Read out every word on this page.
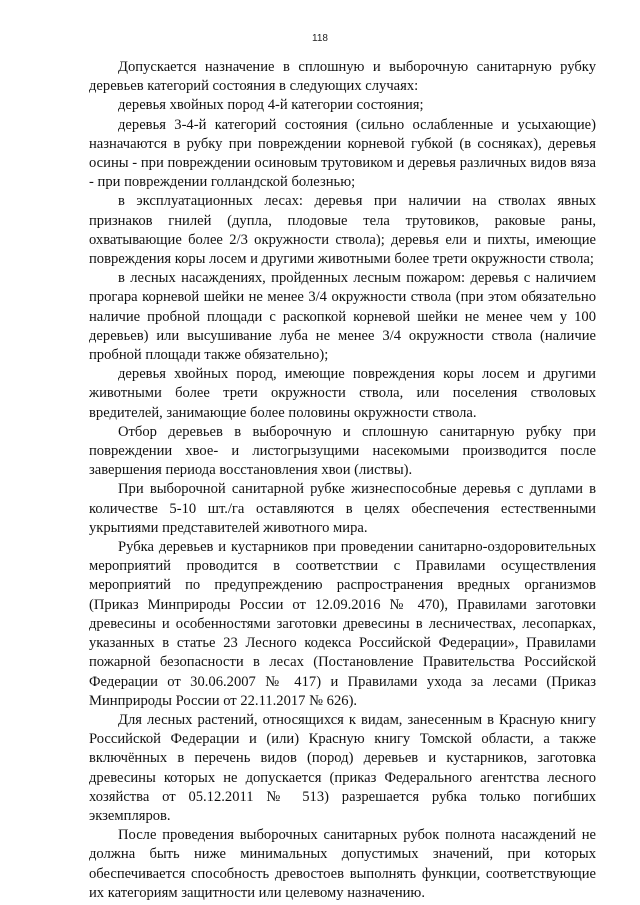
118

Допускается назначение в сплошную и выборочную санитарную рубку деревьев категорий состояния в следующих случаях:

деревья хвойных пород 4-й категории состояния;

деревья 3-4-й категорий состояния (сильно ослабленные и усыхающие) назначаются в рубку при повреждении корневой губкой (в сосняках), деревья осины - при повреждении осиновым трутовиком и деревья различных видов вяза - при повреждении голландской болезнью;

в эксплуатационных лесах: деревья при наличии на стволах явных признаков гнилей (дупла, плодовые тела трутовиков, раковые раны, охватывающие более 2/3 окружности ствола); деревья ели и пихты, имеющие повреждения коры лосем и другими животными более трети окружности ствола;

в лесных насаждениях, пройденных лесным пожаром: деревья с наличием прогара корневой шейки не менее 3/4 окружности ствола (при этом обязательно наличие пробной площади с раскопкой корневой шейки не менее чем у 100 деревьев) или высушивание луба не менее 3/4 окружности ствола (наличие пробной площади также обязательно);

деревья хвойных пород, имеющие повреждения коры лосем и другими животными более трети окружности ствола, или поселения стволовых вредителей, занимающие более половины окружности ствола.

Отбор деревьев в выборочную и сплошную санитарную рубку при повреждении хвое- и листогрызущими насекомыми производится после завершения периода восстановления хвои (листвы).

При выборочной санитарной рубке жизнеспособные деревья с дуплами в количестве 5-10 шт./га оставляются в целях обеспечения естественными укрытиями представителей животного мира.

Рубка деревьев и кустарников при проведении санитарно-оздоровительных мероприятий проводится в соответствии с Правилами осуществления мероприятий по предупреждению распространения вредных организмов (Приказ Минприроды России от 12.09.2016 № 470), Правилами заготовки древесины и особенностями заготовки древесины в лесничествах, лесопарках, указанных в статье 23 Лесного кодекса Российской Федерации», Правилами пожарной безопасности в лесах (Постановление Правительства Российской Федерации от 30.06.2007 № 417) и Правилами ухода за лесами (Приказ Минприроды России от 22.11.2017 № 626).

Для лесных растений, относящихся к видам, занесенным в Красную книгу Российской Федерации и (или) Красную книгу Томской области, а также включённых в перечень видов (пород) деревьев и кустарников, заготовка древесины которых не допускается (приказ Федерального агентства лесного хозяйства от 05.12.2011 № 513) разрешается рубка только погибших экземпляров.

После проведения выборочных санитарных рубок полнота насаждений не должна быть ниже минимальных допустимых значений, при которых обеспечивается способность древостоев выполнять функции, соответствующие их категориям защитности или целевому назначению.
